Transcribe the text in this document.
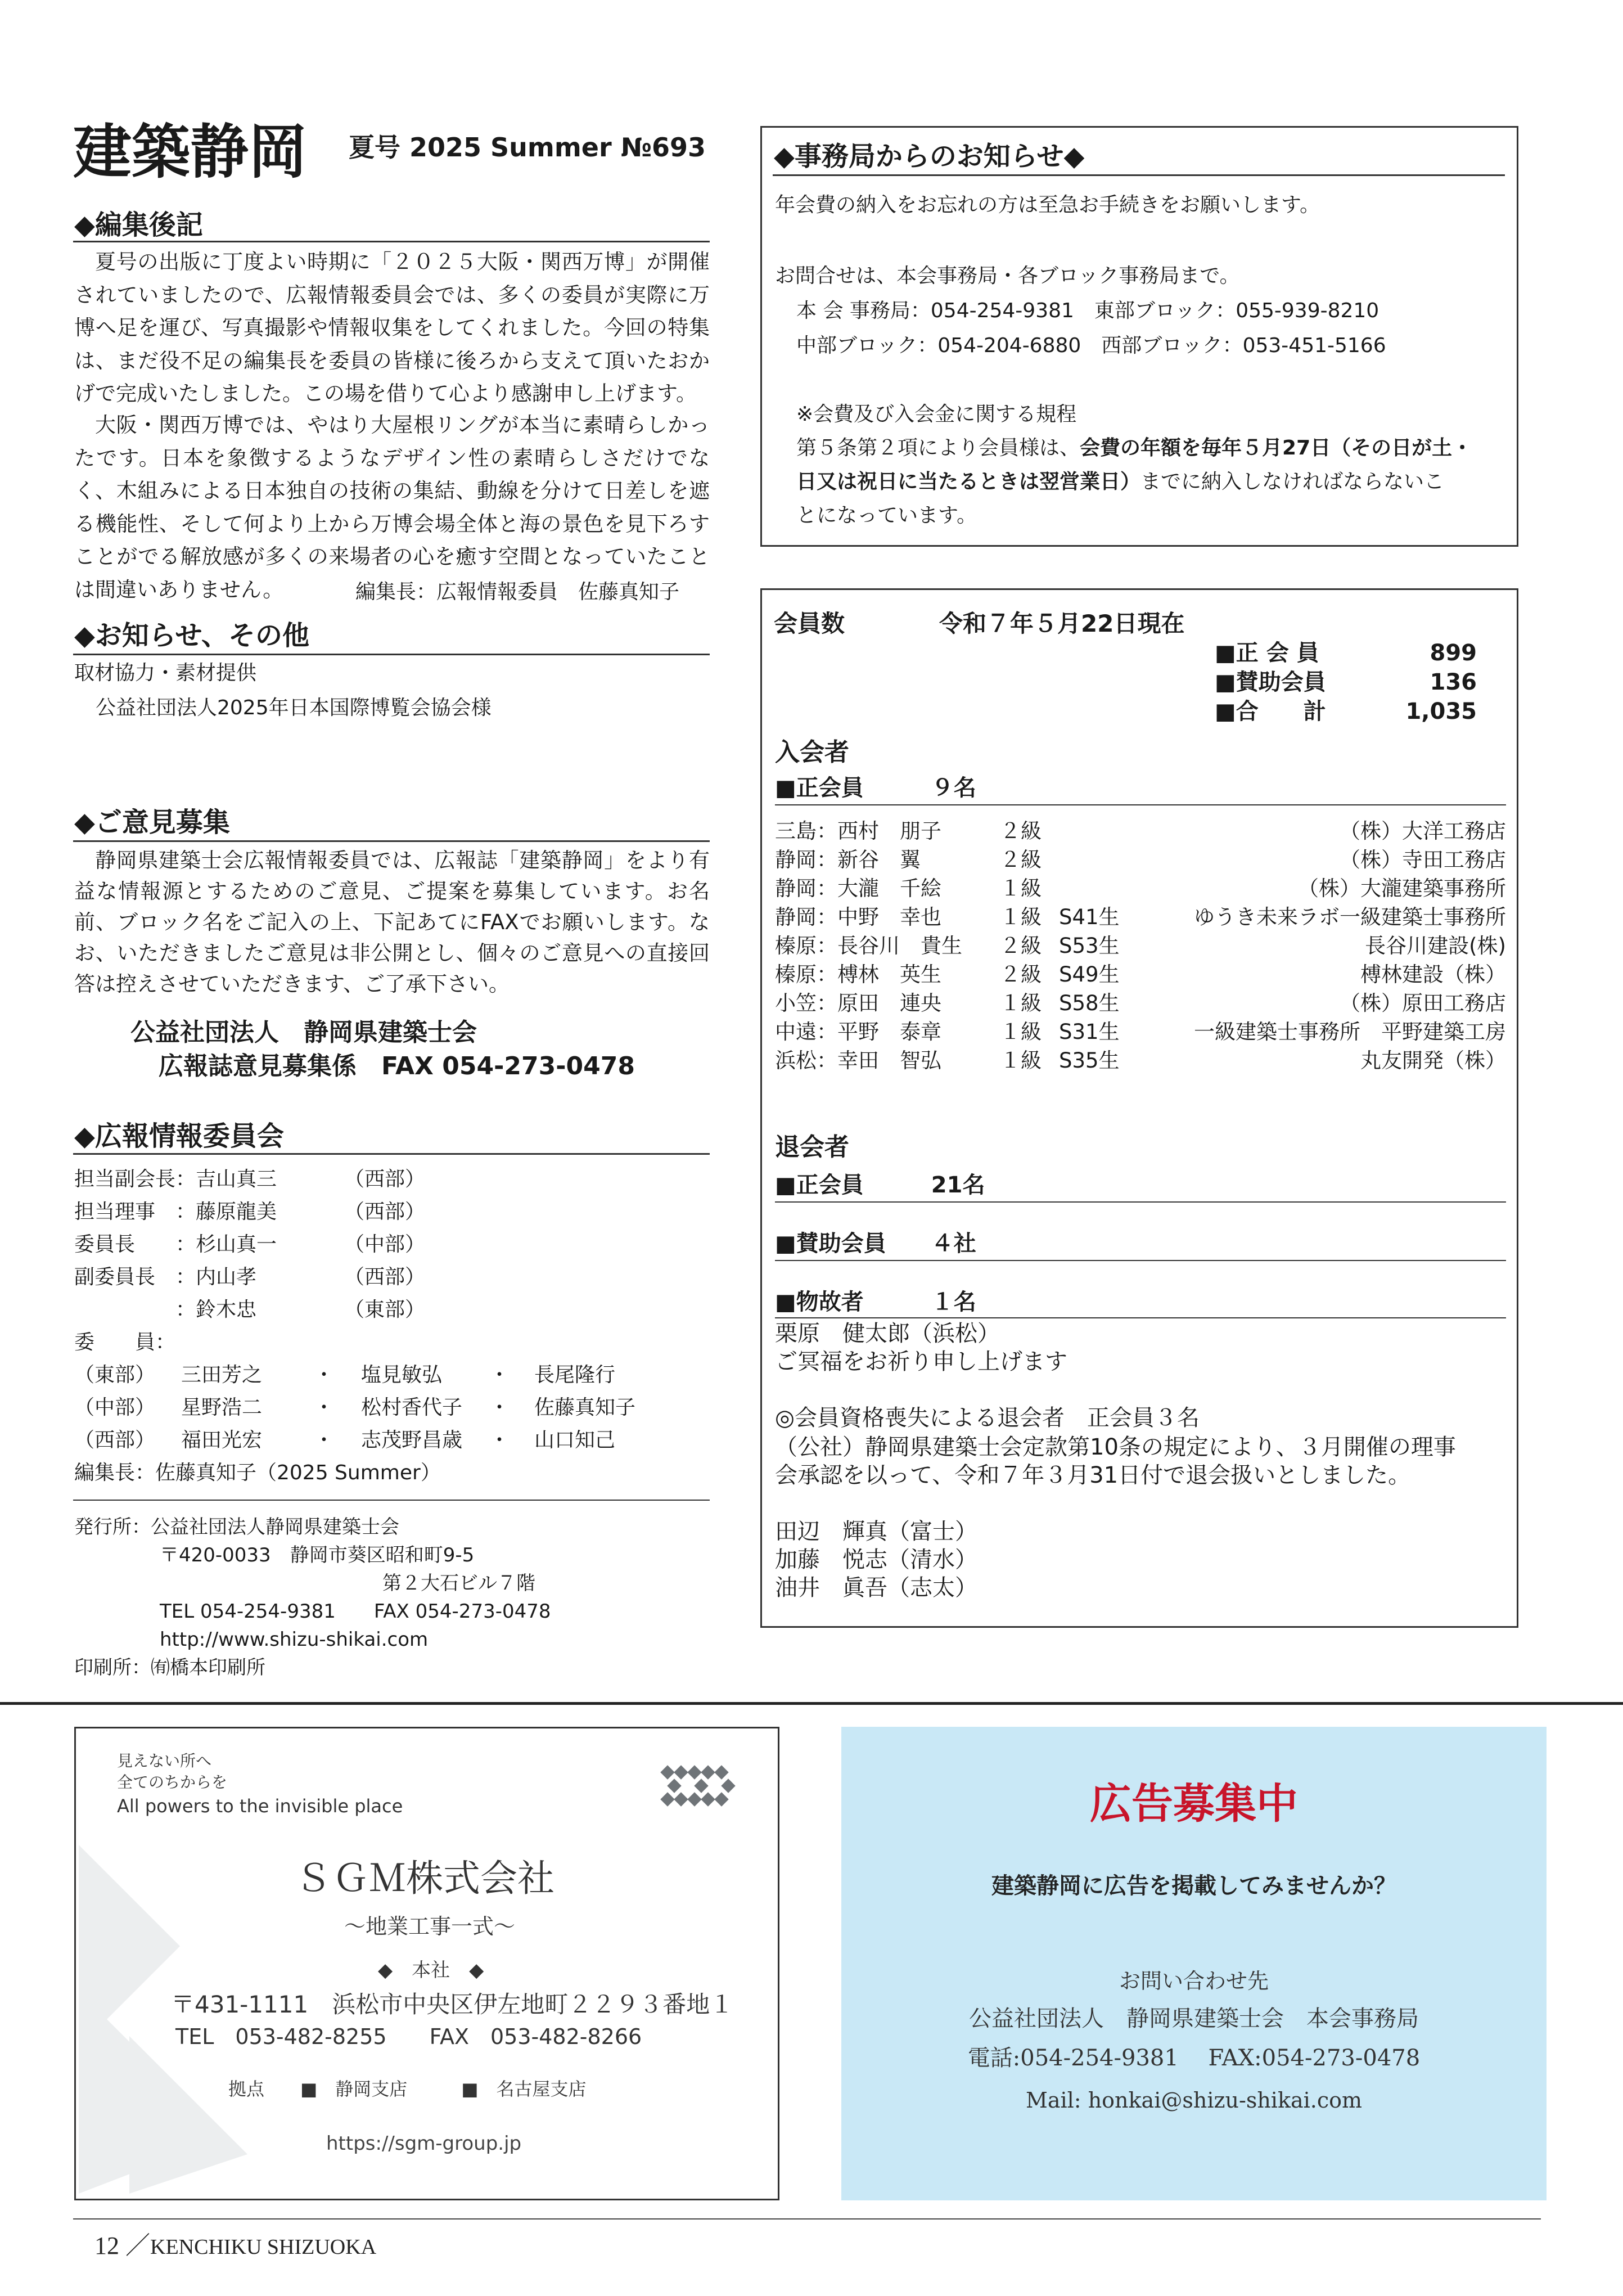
建築静岡 夏号 2025 Summer №693
◆編集後記
夏号の出版に丁度よい時期に「２０２５大阪・関西万博」が開催されていましたので、広報情報委員会では、多くの委員が実際に万博へ足を運び、写真撮影や情報収集をしてくれました。今回の特集は、まだ役不足の編集長を委員の皆様に後ろから支えて頂いたおかげで完成いたしました。この場を借りて心より感謝申し上げます。
大阪・関西万博では、やはり大屋根リングが本当に素晴らしかったです。日本を象徴するようなデザイン性の素晴らしさだけでなく、木組みによる日本独自の技術の集結、動線を分けて日差しを遮る機能性、そして何より上から万博会場全体と海の景色を見下ろすことがでる解放感が多くの来場者の心を癒す空間となっていたことは間違いありません。	編集長：広報情報委員　佐藤真知子
◆お知らせ、その他
取材協力・素材提供
公益社団法人2025年日本国際博覧会協会様
◆ご意見募集
静岡県建築士会広報情報委員では、広報誌「建築静岡」をより有益な情報源とするためのご意見、ご提案を募集しています。お名前、ブロック名をご記入の上、下記あてにFAXでお願いします。なお、いただきましたご意見は非公開とし、個々のご意見への直接回答は控えさせていただきます、ご了承下さい。
公益社団法人　静岡県建築士会
広報誌意見募集係　FAX 054-273-0478
◆広報情報委員会
担当副会長：吉山真三	（西部）
担当理事　：藤原龍美	（西部）
委員長　　：杉山真一	（中部）
副委員長　：内山孝	（西部）
　　　　　：鈴木忠	（東部）
委　　員：
（東部） 三田芳之	・ 塩見敏弘 ・ 長尾隆行
（中部） 星野浩二	・ 松村香代子 ・ 佐藤真知子
（西部） 福田光宏	・ 志茂野昌歳 ・ 山口知己
編集長：佐藤真知子（2025 Summer）
発行所：公益社団法人静岡県建築士会
〒420-0033　静岡市葵区昭和町9-5
第２大石ビル７階
TEL 054-254-9381　　FAX 054-273-0478
http://www.shizu-shikai.com
印刷所：㈲橋本印刷所
◆事務局からのお知らせ◆
年会費の納入をお忘れの方は至急お手続きをお願いします。
お問合せは、本会事務局・各ブロック事務局まで。
本 会 事務局：054-254-9381　東部ブロック：055-939-8210
中部ブロック：054-204-6880　西部ブロック：053-451-5166
※会費及び入会金に関する規程
第５条第２項により会員様は、会費の年額を毎年５月27日（その日が土・
日又は祝日に当たるときは翌営業日）までに納入しなければならないこ
とになっています。
会員数	令和７年５月22日現在
■正 会 員	899
■賛助会員	136
■合　　計	1,035
入会者
■正会員　　　９名
三島：西村　朋子	２級	（株）大洋工務店
静岡：新谷　翼	２級	（株）寺田工務店
静岡：大瀧　千絵	１級	（株）大瀧建築事務所
静岡：中野　幸也	１級 S41生	ゆうき未来ラボ一級建築士事務所
榛原：長谷川　貴生 ２級 S53生	長谷川建設(株)
榛原：榑林　英生	２級 S49生	榑林建設（株）
小笠：原田　連央	１級 S58生	（株）原田工務店
中遠：平野　泰章	１級 S31生	一級建築士事務所　平野建築工房
浜松：幸田　智弘	１級 S35生	丸友開発（株）
退会者
■正会員　　　21名
■賛助会員　　４社
■物故者　　　１名
栗原　健太郎（浜松）
ご冥福をお祈り申し上げます
◎会員資格喪失による退会者　正会員３名
（公社）静岡県建築士会定款第10条の規定により、３月開催の理事
会承認を以って、令和７年３月31日付で退会扱いとしました。
田辺　輝真（富士）
加藤　悦志（清水）
油井　眞吾（志太）
見えない所へ
全てのちからを
All powers to the invisible place
ＳＧＭ株式会社
～地業工事一式～
◆　本社　◆
〒431-1111　浜松市中央区伊左地町２２９３番地１
TEL　053-482-8255　　FAX　053-482-8266
拠点　　■　静岡支店　　　■　名古屋支店
https://sgm-group.jp
広告募集中
建築静岡に広告を掲載してみませんか？
お問い合わせ先
公益社団法人　静岡県建築士会　本会事務局
電話:054-254-9381　 FAX:054-273-0478
Mail: honkai@shizu-shikai.com
12 ／KENCHIKU SHIZUOKA
